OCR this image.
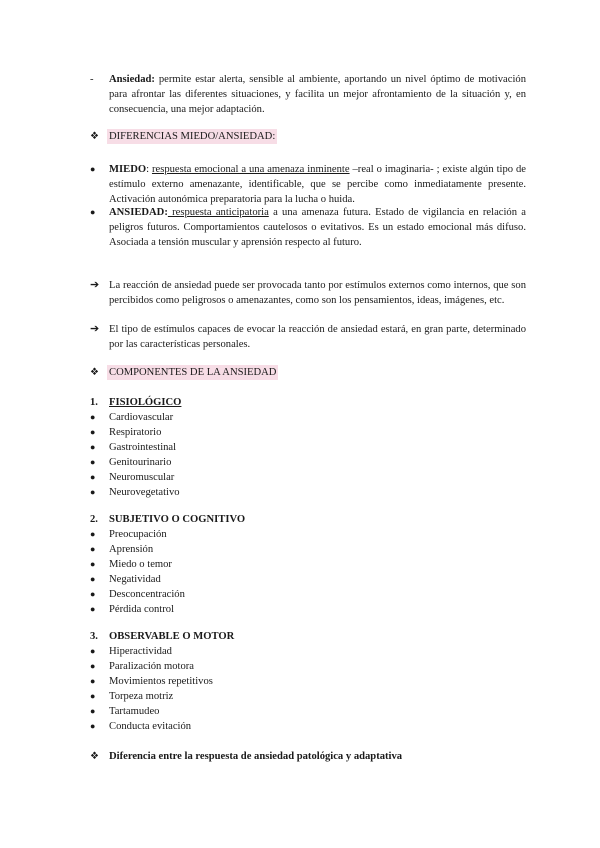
-	Ansiedad: permite estar alerta, sensible al ambiente, aportando un nivel óptimo de motivación para afrontar las diferentes situaciones, y facilita un mejor afrontamiento de la situación y, en consecuencia, una mejor adaptación.
❖ DIFERENCIAS MIEDO/ANSIEDAD:
●	MIEDO: respuesta emocional a una amenaza inminente –real o imaginaria- ; existe algún tipo de estímulo externo amenazante, identificable, que se percibe como inmediatamente presente. Activación autonómica preparatoria para la lucha o huida.
●	ANSIEDAD: respuesta anticipatoria a una amenaza futura. Estado de vigilancia en relación a peligros futuros. Comportamientos cautelosos o evitativos. Es un estado emocional más difuso. Asociada a tensión muscular y aprensión respecto al futuro.
➔ La reacción de ansiedad puede ser provocada tanto por estímulos externos como internos, que son percibidos como peligrosos o amenazantes, como son los pensamientos, ideas, imágenes, etc.
➔ El tipo de estímulos capaces de evocar la reacción de ansiedad estará, en gran parte, determinado por las características personales.
❖ COMPONENTES DE LA ANSIEDAD
1. FISIOLÓGICO
●	Cardiovascular
●	Respiratorio
●	Gastrointestinal
●	Genitourinario
●	Neuromuscular
●	Neurovegetativo
2. SUBJETIVO O COGNITIVO
●	Preocupación
●	Aprensión
●	Miedo o temor
●	Negatividad
●	Desconcentración
●	Pérdida control
3. OBSERVABLE O MOTOR
●	Hiperactividad
●	Paralización motora
●	Movimientos repetitivos
●	Torpeza motriz
●	Tartamudeo
●	Conducta evitación
❖ Diferencia entre la respuesta de ansiedad patológica y adaptativa
